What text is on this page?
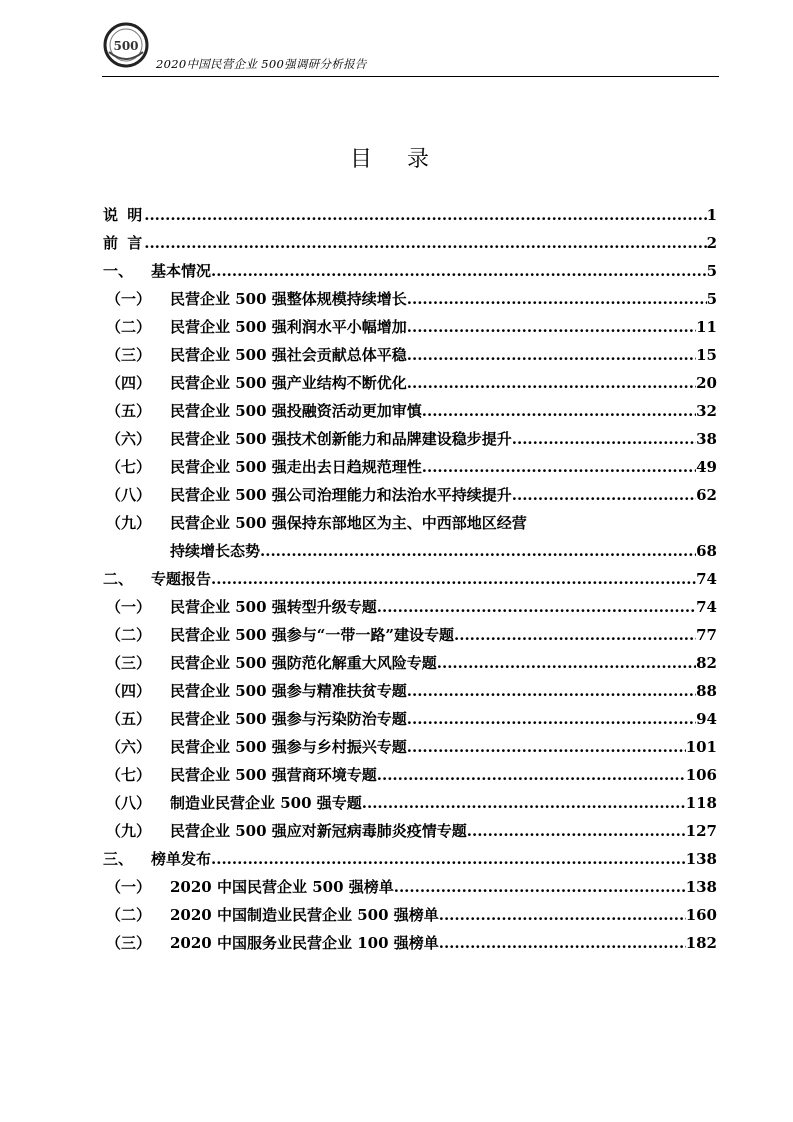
500
2020中国民营企业 500强调研分析报告
目 录
说 明 .....	1
前 言 .....	2
一、	基本情况 .....	5
（一）	民营企业 500 强整体规模持续增长 .....	5
（二）	民营企业 500 强利润水平小幅增加 .....	11
（三）	民营企业 500 强社会贡献总体平稳 .....	15
（四）	民营企业 500 强产业结构不断优化 .....	20
（五）	民营企业 500 强投融资活动更加审慎 .....	32
（六）	民营企业 500 强技术创新能力和品牌建设稳步提升 .....	38
（七）	民营企业 500 强走出去日趋规范理性 .....	49
（八）	民营企业 500 强公司治理能力和法治水平持续提升 .....	62
（九） 民营企业 500 强保持东部地区为主、中西部地区经营
持续增长态势 .....	68
二、	专题报告 .....	74
（一）	民营企业 500 强转型升级专题 .....	74
（二）	民营企业 500 强参与“一带一路”建设专题 .....	77
（三）	民营企业 500 强防范化解重大风险专题 .....	82
（四）	民营企业 500 强参与精准扶贫专题 .....	88
（五）	民营企业 500 强参与污染防治专题 .....	94
（六）	民营企业 500 强参与乡村振兴专题 .....	101
（七）	民营企业 500 强营商环境专题 .....	106
（八）	制造业民营企业 500 强专题 .....	118
（九）	民营企业 500 强应对新冠病毒肺炎疫情专题 .....	127
三、	榜单发布 .....	138
（一）	2020 中国民营企业 500 强榜单 .....	138
（二）	2020 中国制造业民营企业 500 强榜单 .....	160
（三）	2020 中国服务业民营企业 100 强榜单 .....	182
